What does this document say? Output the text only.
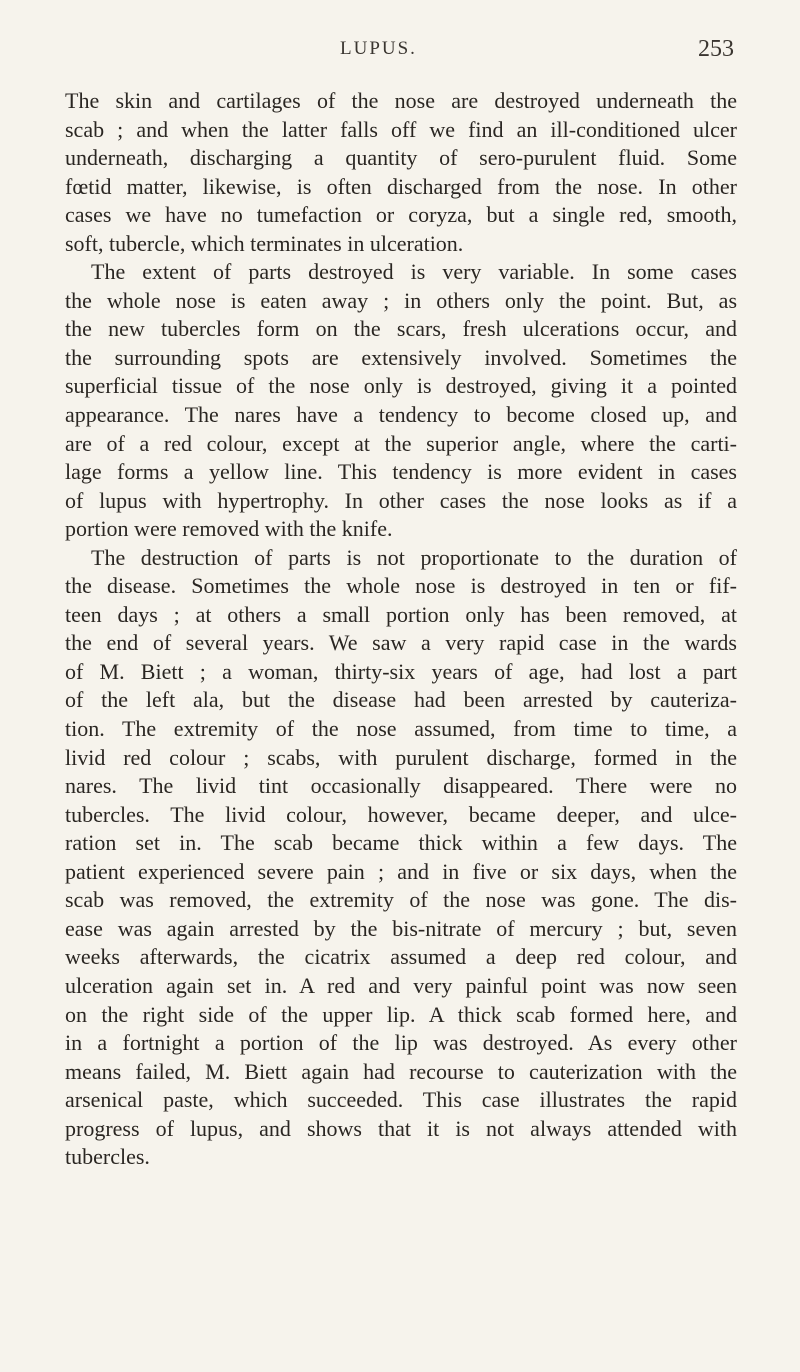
LUPUS.	253
The skin and cartilages of the nose are destroyed underneath the
scab ; and when the latter falls off we find an ill-conditioned ulcer
underneath, discharging a quantity of sero-purulent fluid. Some
fœtid matter, likewise, is often discharged from the nose. In other
cases we have no tumefaction or coryza, but a single red, smooth,
soft, tubercle, which terminates in ulceration.
The extent of parts destroyed is very variable. In some cases
the whole nose is eaten away ; in others only the point. But, as
the new tubercles form on the scars, fresh ulcerations occur, and
the surrounding spots are extensively involved. Sometimes the
superficial tissue of the nose only is destroyed, giving it a pointed
appearance. The nares have a tendency to become closed up, and
are of a red colour, except at the superior angle, where the carti-
lage forms a yellow line. This tendency is more evident in cases
of lupus with hypertrophy. In other cases the nose looks as if a
portion were removed with the knife.
The destruction of parts is not proportionate to the duration of
the disease. Sometimes the whole nose is destroyed in ten or fif-
teen days ; at others a small portion only has been removed, at
the end of several years. We saw a very rapid case in the wards
of M. Biett ; a woman, thirty-six years of age, had lost a part
of the left ala, but the disease had been arrested by cauteriza-
tion. The extremity of the nose assumed, from time to time, a
livid red colour ; scabs, with purulent discharge, formed in the
nares. The livid tint occasionally disappeared. There were no
tubercles. The livid colour, however, became deeper, and ulce-
ration set in. The scab became thick within a few days. The
patient experienced severe pain ; and in five or six days, when the
scab was removed, the extremity of the nose was gone. The dis-
ease was again arrested by the bis-nitrate of mercury ; but, seven
weeks afterwards, the cicatrix assumed a deep red colour, and
ulceration again set in. A red and very painful point was now seen
on the right side of the upper lip. A thick scab formed here, and
in a fortnight a portion of the lip was destroyed. As every other
means failed, M. Biett again had recourse to cauterization with the
arsenical paste, which succeeded. This case illustrates the rapid
progress of lupus, and shows that it is not always attended with
tubercles.
